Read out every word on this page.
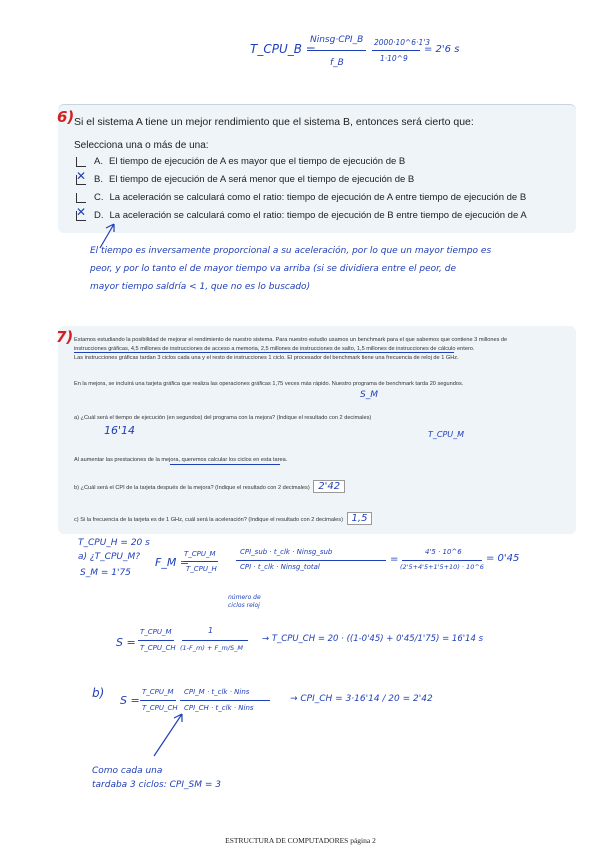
T_CPU_B =
Ninsg·CPI_B
f_B
2000·10^6·1'3
1·10^9
= 2'6 s
6) Si el sistema A tiene un mejor rendimiento que el sistema B, entonces será cierto que:
Selecciona una o más de una:
A. El tiempo de ejecución de A es mayor que el tiempo de ejecución de B
✕
B. El tiempo de ejecución de A será menor que el tiempo de ejecución de B
C. La aceleración se calculará como el ratio: tiempo de ejecución de A entre tiempo de ejecución de B
✕
D. La aceleración se calculará como el ratio: tiempo de ejecución de B entre tiempo de ejecución de A
El tiempo es inversamente proporcional a su aceleración, por lo que un mayor tiempo es
peor, y por lo tanto el de mayor tiempo va arriba (si se dividiera entre el peor, de
mayor tiempo saldría < 1, que no es lo buscado)
7) Estamos estudiando la posibilidad de mejorar el rendimiento de nuestro sistema. Para nuestro estudio usamos un benchmark para el que sabemos que contiene 3 millones de
instrucciones gráficas, 4,5 millones de instrucciones de acceso a memoria, 2,5 millones de instrucciones de salto, 1,5 millones de instrucciones de cálculo entero.
Las instrucciones gráficas tardan 3 ciclos cada una y el resto de instrucciones 1 ciclo. El procesador del benchmark tiene una frecuencia de reloj de 1 GHz.
En la mejora, se incluirá una tarjeta gráfica que realiza las operaciones gráficas 1,75 veces más rápido. Nuestro programa de benchmark tarda 20 segundos.
S_M
a) ¿Cuál será el tiempo de ejecución (en segundos) del programa con la mejora? (Indique el resultado con 2 decimales)
16'14	T_CPU_M
Al aumentar las prestaciones de la mejora, queremos calcular los ciclos en esta tarea.
b) ¿Cuál será el CPI de la tarjeta después de la mejora? (Indique el resultado con 2 decimales) 2'42
c) Si la frecuencia de la tarjeta es de 1 GHz, cuál será la aceleración? (Indique el resultado con 2 decimales) 1,5
T_CPU_H = 20 s
a) ¿T_CPU_M?
S_M = 1'75
F_M =
T_CPU_M
T_CPU_H
CPI_sub · t_clk · Ninsg_sub
CPI · t_clk · Ninsg_total
=
4'5 · 10^6
(2'5+4'5+1'5+10) · 10^6
= 0'45
número de
ciclos reloj
S =
T_CPU_M
T_CPU_CH
1
(1-F_m) + F_m/S_M
→ T_CPU_CH = 20 · ((1-0'45) + 0'45/1'75) = 16'14 s
b)
S =
T_CPU_M
T_CPU_CH
CPI_M · t_clk · Nins
CPI_CH · t_clk · Nins
→ CPI_CH = 3·16'14 / 20 = 2'42
Como cada una
tardaba 3 ciclos: CPI_SM = 3
ESTRUCTURA DE COMPUTADORES página 2
